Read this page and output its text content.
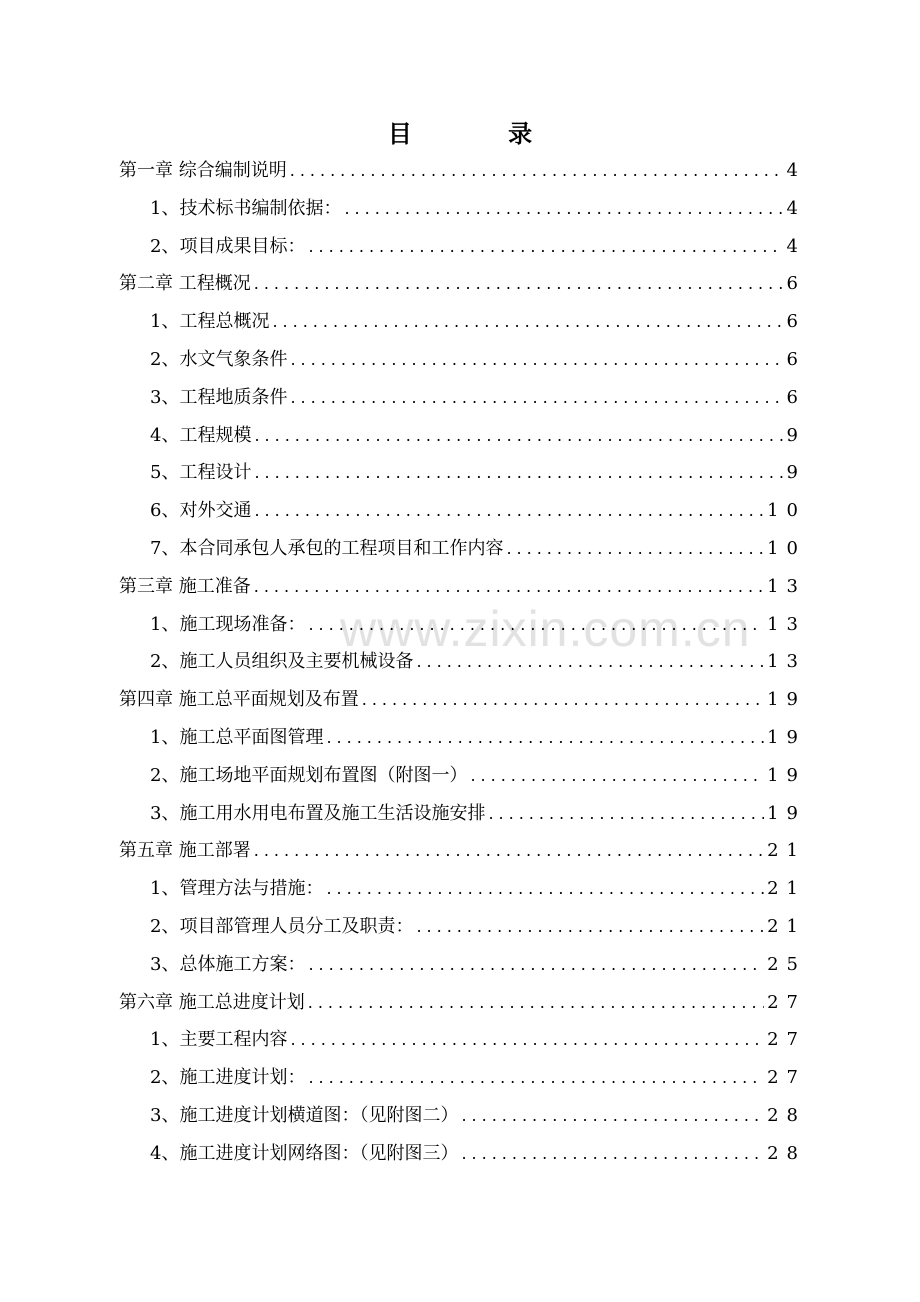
www.zixin.com.cn
目 录
第一章 综合编制说明 .....	4
1、技术标书编制依据： .....	4
2、项目成果目标： .....	4
第二章 工程概况 .....	6
1、工程总概况 .....	6
2、水文气象条件 .....	6
3、工程地质条件 .....	6
4、工程规模 .....	9
5、工程设计 .....	9
6、对外交通 .....	10
7、本合同承包人承包的工程项目和工作内容 .....	10
第三章 施工准备 .....	13
1、施工现场准备： .....	13
2、施工人员组织及主要机械设备 .....	13
第四章 施工总平面规划及布置 .....	19
1、施工总平面图管理 .....	19
2、施工场地平面规划布置图（附图一） .....	19
3、施工用水用电布置及施工生活设施安排 .....	19
第五章 施工部署 .....	21
1、管理方法与措施： .....	21
2、项目部管理人员分工及职责： .....	21
3、总体施工方案： .....	25
第六章 施工总进度计划 .....	27
1、主要工程内容 .....	27
2、施工进度计划： .....	27
3、施工进度计划横道图：（见附图二） .....	28
4、施工进度计划网络图：（见附图三） .....	28
